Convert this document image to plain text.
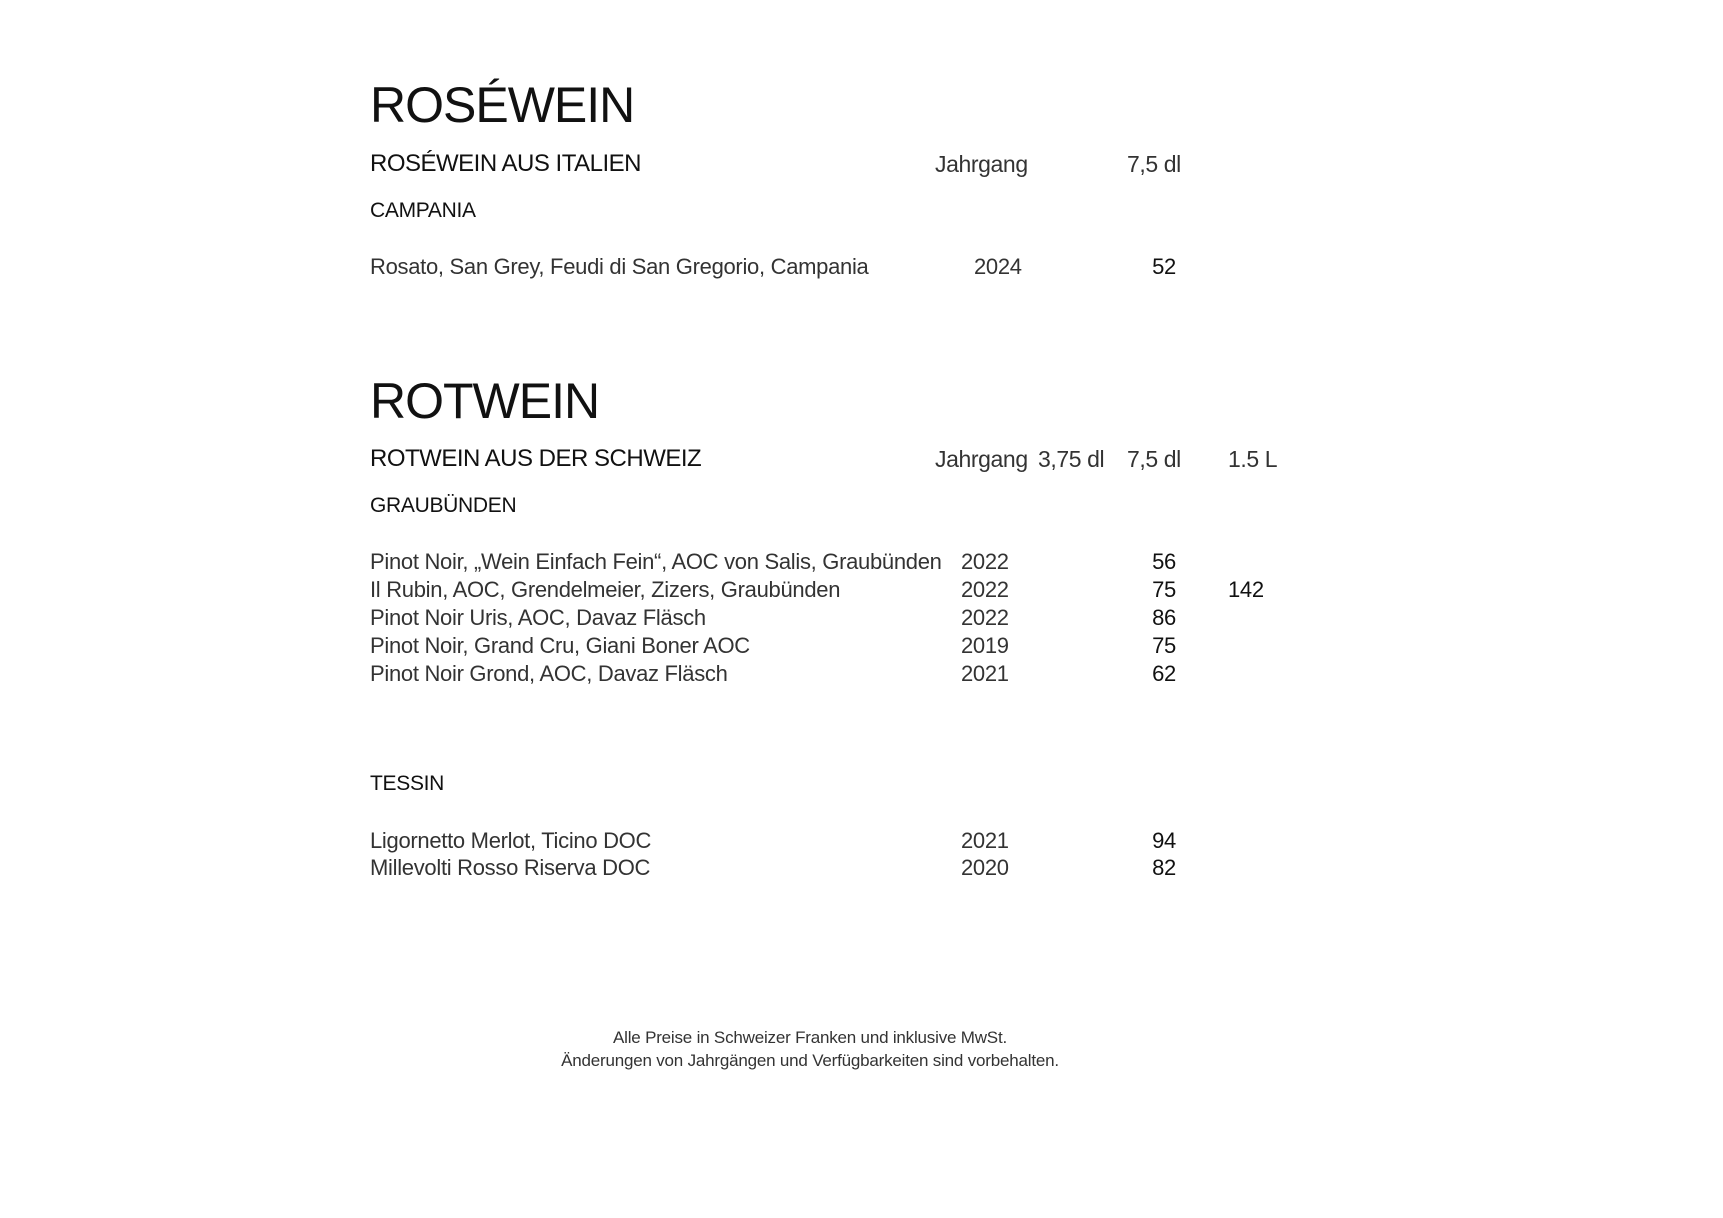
ROSÉWEIN
ROSÉWEIN AUS ITALIEN	Jahrgang	7,5 dl
CAMPANIA
Rosato, San Grey, Feudi di San Gregorio, Campania	2024	52
ROTWEIN
ROTWEIN AUS DER SCHWEIZ	Jahrgang 3,75 dl 7,5 dl 1.5 L
GRAUBÜNDEN
Pinot Noir, „Wein Einfach Fein“, AOC von Salis, Graubünden 2022	56
Il Rubin, AOC, Grendelmeier, Zizers, Graubünden	2022	75 142
Pinot Noir Uris, AOC, Davaz Fläsch	2022	86
Pinot Noir, Grand Cru, Giani Boner AOC	2019	75
Pinot Noir Grond, AOC, Davaz Fläsch	2021	62
TESSIN
Ligornetto Merlot, Ticino DOC	2021	94
Millevolti Rosso Riserva DOC	2020	82
Alle Preise in Schweizer Franken und inklusive MwSt.
Änderungen von Jahrgängen und Verfügbarkeiten sind vorbehalten.
